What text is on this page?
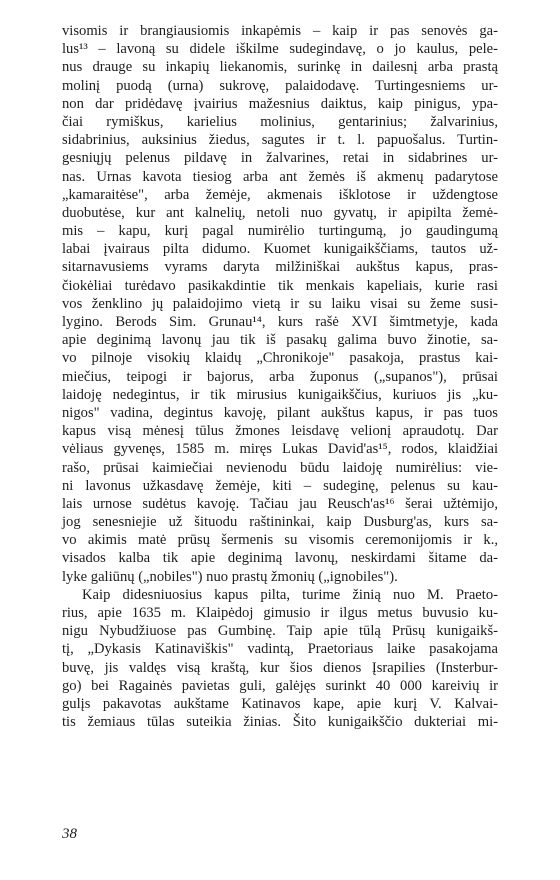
visomis ir brangiausiomis inkapėmis – kaip ir pas senovės ga-
lus¹³ – lavoną su didele iškilme sudegindavę, o jo kaulus, pele-
nus drauge su inkapių liekanomis, surinkę in dailesnį arba prastą
molinį puodą (urna) sukrovę, palaidodavę. Turtingesniems ur-
non dar pridėdavę įvairius mažesnius daiktus, kaip pinigus, ypa-
čiai rymiškus, karielius molinius, gentarinius; žalvarinius,
sidabrinius, auksinius žiedus, sagutes ir t. l. papuošalus. Turtin-
gesniųjų pelenus pildavę in žalvarines, retai in sidabrines ur-
nas. Urnas kavota tiesiog arba ant žemės iš akmenų padarytose
„kamaraitėse", arba žemėje, akmenais išklotose ir uždengtose
duobutėse, kur ant kalnelių, netoli nuo gyvatų, ir apipilta žemė-
mis – kapu, kurį pagal numirėlio turtingumą, jo gaudingumą
labai įvairaus pilta didumo. Kuomet kunigaikščiams, tautos už-
sitarnavusiems vyrams daryta milžiniškai aukštus kapus, pras-
čiokėliai turėdavo pasikakdintie tik menkais kapeliais, kurie rasi
vos ženklino jų palaidojimo vietą ir su laiku visai su žeme susi-
lygino. Berods Sim. Grunau¹⁴, kurs rašė XVI šimtmetyje, kada
apie deginimą lavonų jau tik iš pasakų galima buvo žinotie, sa-
vo pilnoje visokių klaidų „Chronikoje" pasakoja, prastus kai-
miečius, teipogi ir bajorus, arba župonus („supanos"), prūsai
laidoję nedegintus, ir tik mirusius kunigaikščius, kuriuos jis „ku-
nigos" vadina, degintus kavoję, pilant aukštus kapus, ir pas tuos
kapus visą mėnesį tūlus žmones leisdavę velionį apraudotų. Dar
vėliaus gyvenęs, 1585 m. miręs Lukas David'as¹⁵, rodos, klaidžiai
rašo, prūsai kaimiečiai nevienodu būdu laidoję numirėlius: vie-
ni lavonus užkasdavę žemėje, kiti – sudeginę, pelenus su kau-
lais urnose sudėtus kavoję. Tačiau jau Reusch'as¹⁶ šerai užtėmijo,
jog senesniejie už šituodu raštininkai, kaip Dusburg'as, kurs sa-
vo akimis matė prūsų šermenis su visomis ceremonijomis ir k.,
visados kalba tik apie deginimą lavonų, neskirdami šitame da-
lyke galiūnų („nobiles") nuo prastų žmonių („ignobiles").
Kaip didesniuosius kapus pilta, turime žinią nuo M. Praeto-
rius, apie 1635 m. Klaipėdoj gimusio ir ilgus metus buvusio ku-
nigu Nybudžiuose pas Gumbinę. Taip apie tūlą Prūsų kunigaikš-
tį, „Dykasis Katinaviškis" vadintą, Praetoriaus laike pasakojama
buvę, jis valdęs visą kraštą, kur šios dienos Įsrapilies (Insterbur-
go) bei Ragainės pavietas guli, galėjęs surinkt 40 000 kareivių ir
gulįs pakavotas aukštame Katinavos kape, apie kurį V. Kalvai-
tis žemiaus tūlas suteikia žinias. Šito kunigaikščio dukteriai mi-
38
